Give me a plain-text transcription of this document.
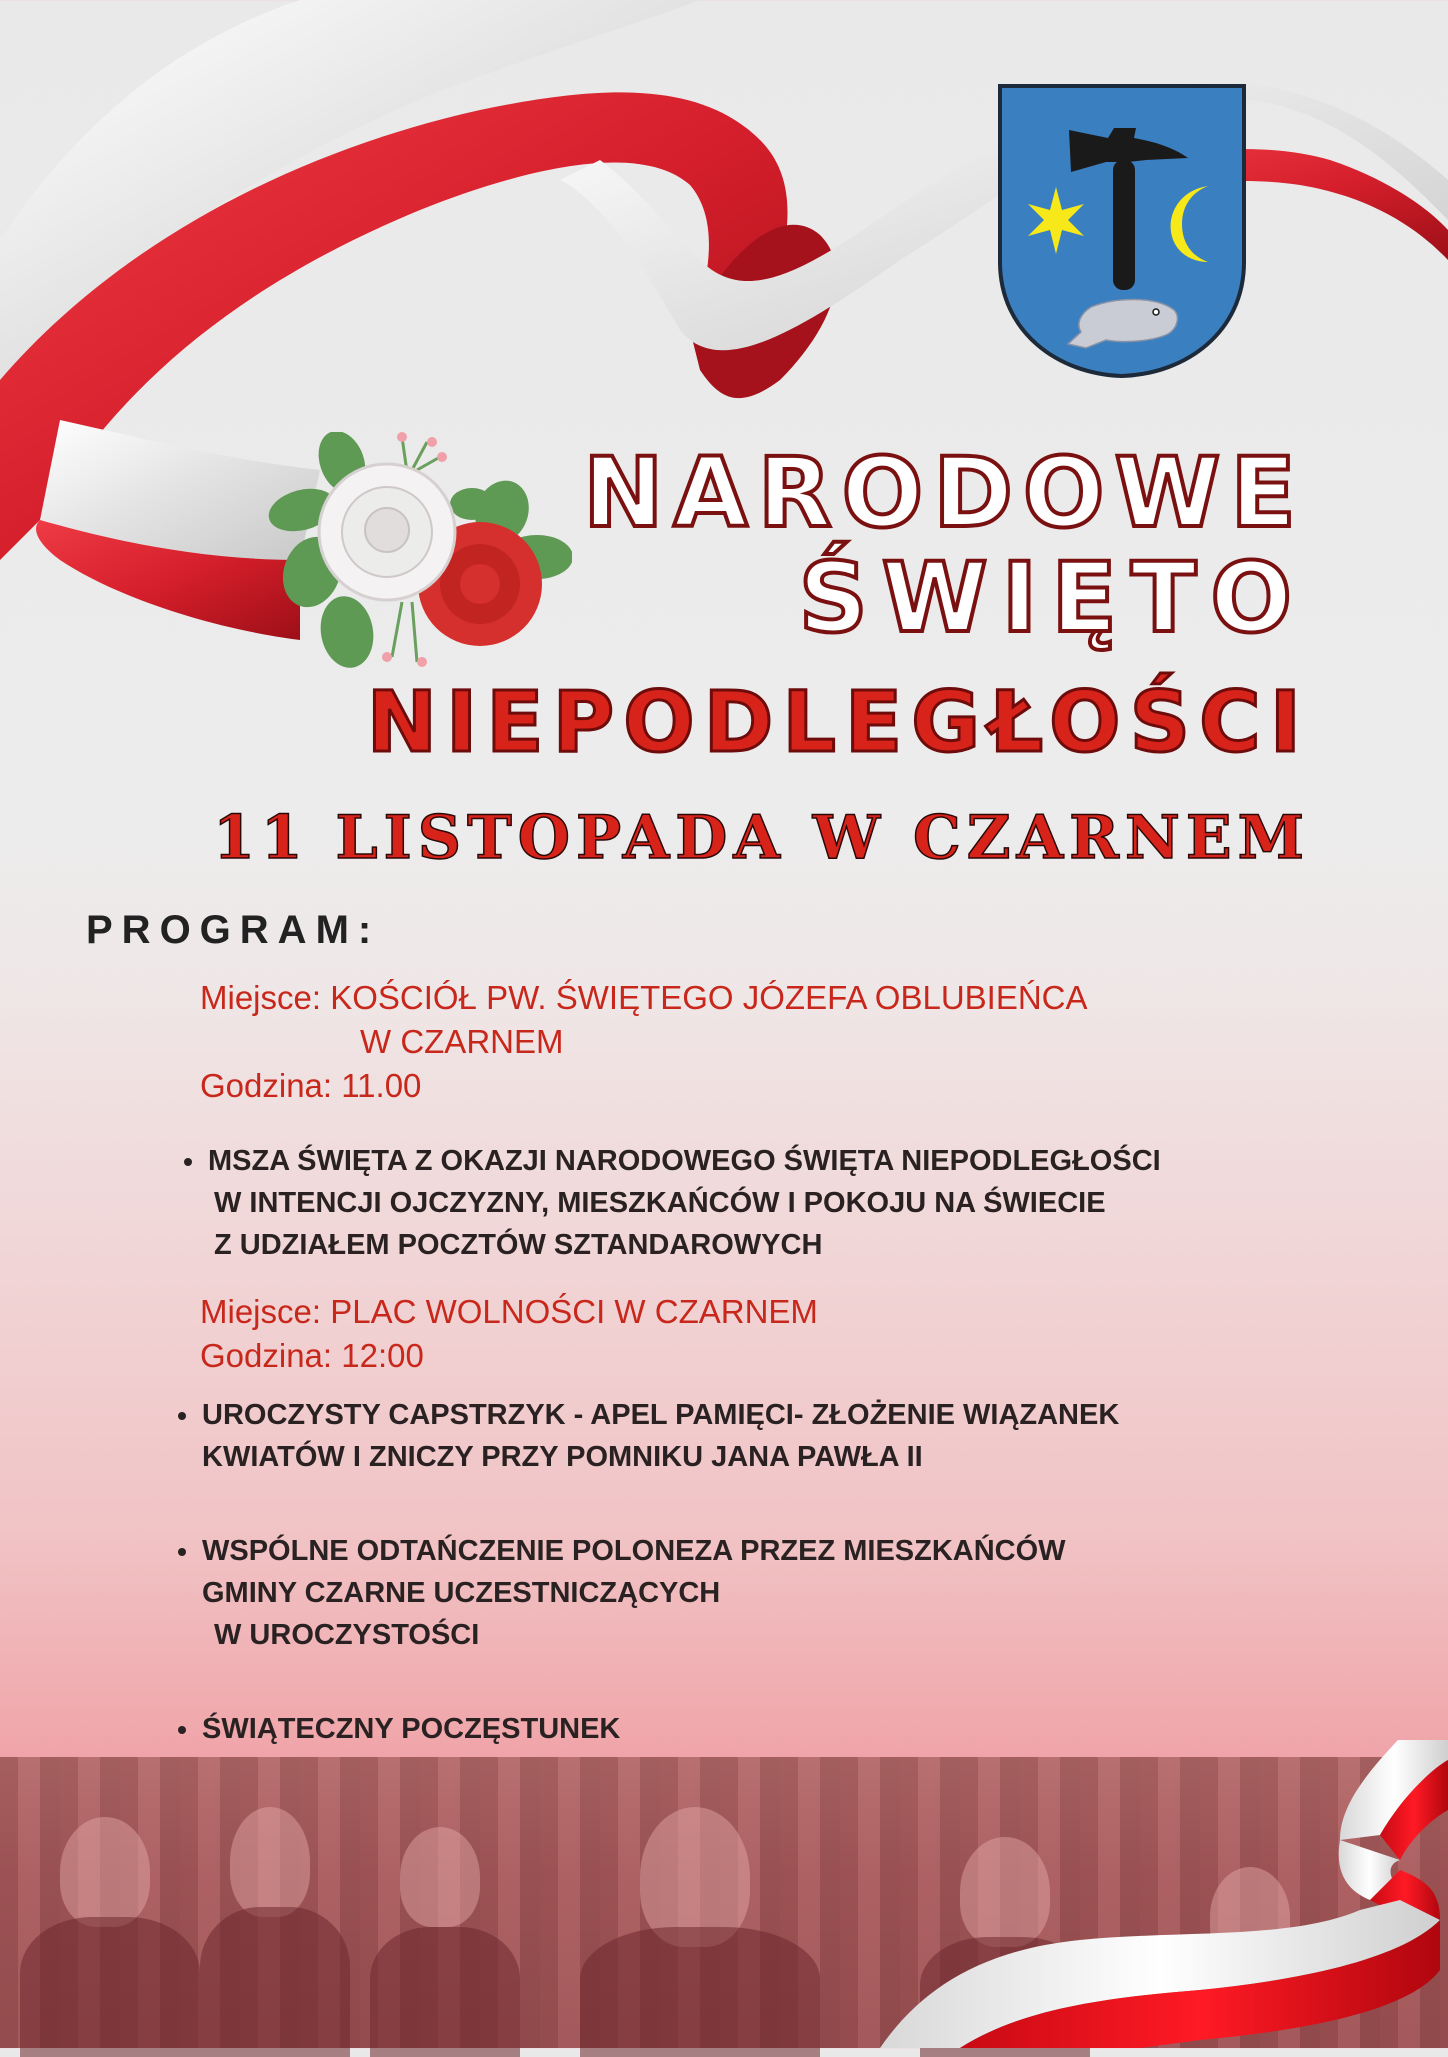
NARODOWE
ŚWIĘTO
NIEPODLEGŁOŚCI
11 LISTOPADA W CZARNEM
PROGRAM:
Miejsce: KOŚCIÓŁ PW. ŚWIĘTEGO JÓZEFA OBLUBIEŃCA
W CZARNEM
Godzina: 11.00
MSZA ŚWIĘTA Z OKAZJI NARODOWEGO ŚWIĘTA NIEPODLEGŁOŚCI
W INTENCJI OJCZYZNY, MIESZKAŃCÓW I POKOJU NA ŚWIECIE
Z UDZIAŁEM POCZTÓW SZTANDAROWYCH
Miejsce: PLAC WOLNOŚCI W CZARNEM
Godzina: 12:00
UROCZYSTY CAPSTRZYK - APEL PAMIĘCI- ZŁOŻENIE WIĄZANEK
KWIATÓW I ZNICZY PRZY POMNIKU JANA PAWŁA II
WSPÓLNE ODTAŃCZENIE POLONEZA PRZEZ MIESZKAŃCÓW
GMINY CZARNE UCZESTNICZĄCYCH
W UROCZYSTOŚCI
ŚWIĄTECZNY POCZĘSTUNEK
